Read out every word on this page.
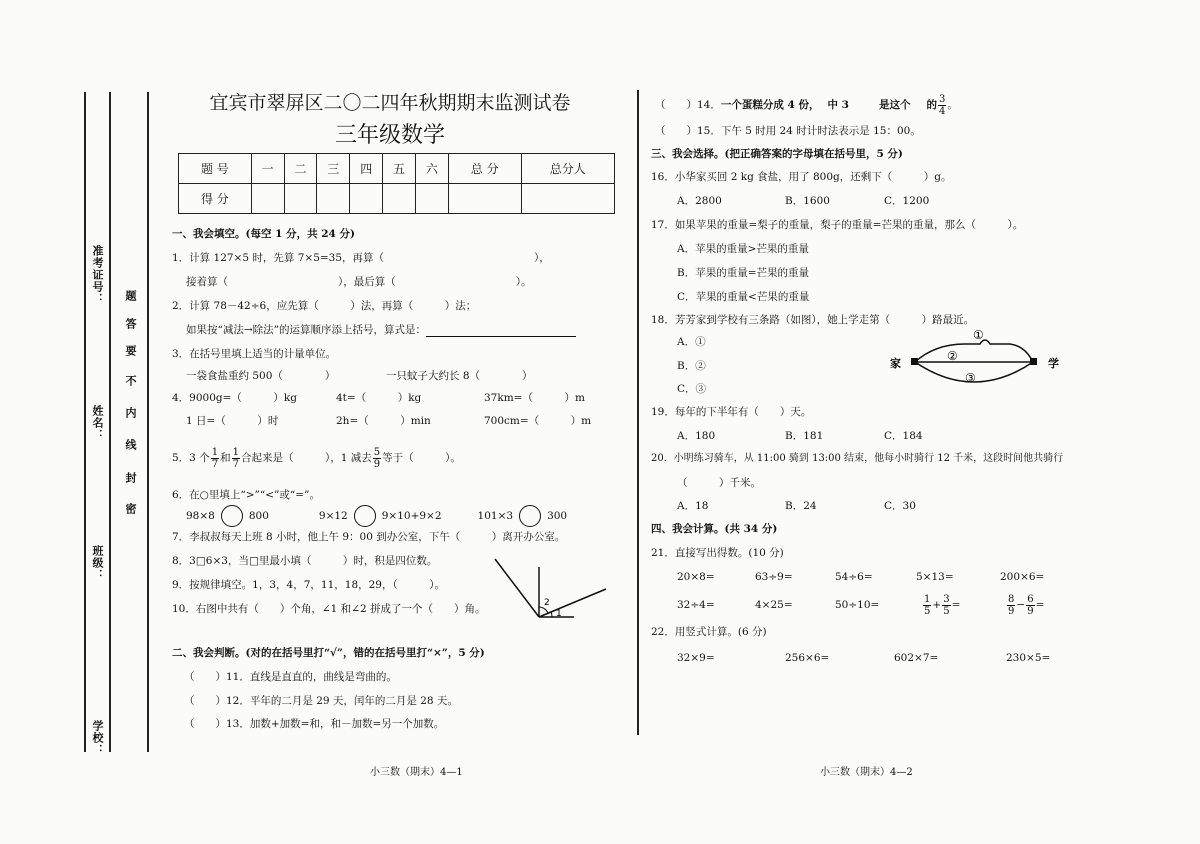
准考证号：
姓名：
班级：
学校：
密
封
线
内
不
要
答
题
宜宾市翠屏区二〇二四年秋期期末监测试卷
三年级数学
题 号	一	二	三	四	五	六	总 分	总分人
得 分								
一、我会填空。(每空 1 分，共 24 分)
1．计算 127×5 时，先算 7×5=35，再算（	），
接着算（	），最后算（	）。
2．计算 78－42÷6，应先算（　　　）法，再算（　　　）法；
如果按“减法→除法”的运算顺序添上括号，算式是：
3．在括号里填上适当的计量单位。
一袋食盐重约 500（　　　　）	一只蚊子大约长 8（　　　　）
4．9000g=（　　　）kg	4t=（　　　）kg	37km=（　　　）m
1 日=（　　　）时	2h=（　　　）min	700cm=（　　　）m
5．3 个 $\frac{1}{7}$ 和 $\frac{1}{7}$ 合起来是（　　　），1 减去 $\frac{5}{9}$ 等于（　　　）。
6．在○里填上“>”“<”或“=”。
98×8	800	9×12	9×10+9×2	101×3	300
7．李叔叔每天上班 8 小时，他上午 9：00 到办公室，下午（　　　）离开办公室。
8．3□6×3，当□里最小填（　　　）时，积是四位数。
9．按规律填空。1，3，4，7，11，18，29，（　　　）。
10．右图中共有（　　）个角，∠1 和∠2 拼成了一个（　　）角。	2
1
二、我会判断。(对的在括号里打“√”，错的在括号里打“×”，5 分)
（　　）11．直线是直直的，曲线是弯曲的。
（　　）12．平年的二月是 29 天，闰年的二月是 28 天。
（　　）13．加数+加数=和，和－加数=另一个加数。
小三数（期末）4—1
（　　）14．一个蛋糕分成 4 份， 中 3	是这个 的 $\frac{3}{4}$ 。
（　　）15．下午 5 时用 24 时计时法表示是 15：00。
三、我会选择。(把正确答案的字母填在括号里，5 分)
16．小华家买回 2 kg 食盐，用了 800g，还剩下（　　　）g。
A．2800	B．1600	C．1200
17．如果苹果的重量=梨子的重量，梨子的重量=芒果的重量，那么（　　　）。
A．苹果的重量>芒果的重量
B．苹果的重量=芒果的重量
C．苹果的重量<芒果的重量
18．芳芳家到学校有三条路（如图），她上学走第（　　　）路最近。
A．①
B．②
C．③
①
②
③
家	学
19．每年的下半年有（　　）天。
A．180	B．181	C．184
20．小明练习骑车，从 11:00 骑到 13:00 结束，他每小时骑行 12 千米，这段时间他共骑行
（　　　）千米。
A．18	B．24	C．30
四、我会计算。(共 34 分)
21．直接写出得数。(10 分)
20×8=	63÷9=	54÷6=	5×13=	200×6=
32÷4=	4×25=	50÷10=	$\frac{1}{5} + \frac{3}{5}$ =	$\frac{8}{9} - \frac{6}{9}$ =
22．用竖式计算。(6 分)
32×9=	256×6=	602×7=	230×5=
小三数（期末）4—2
